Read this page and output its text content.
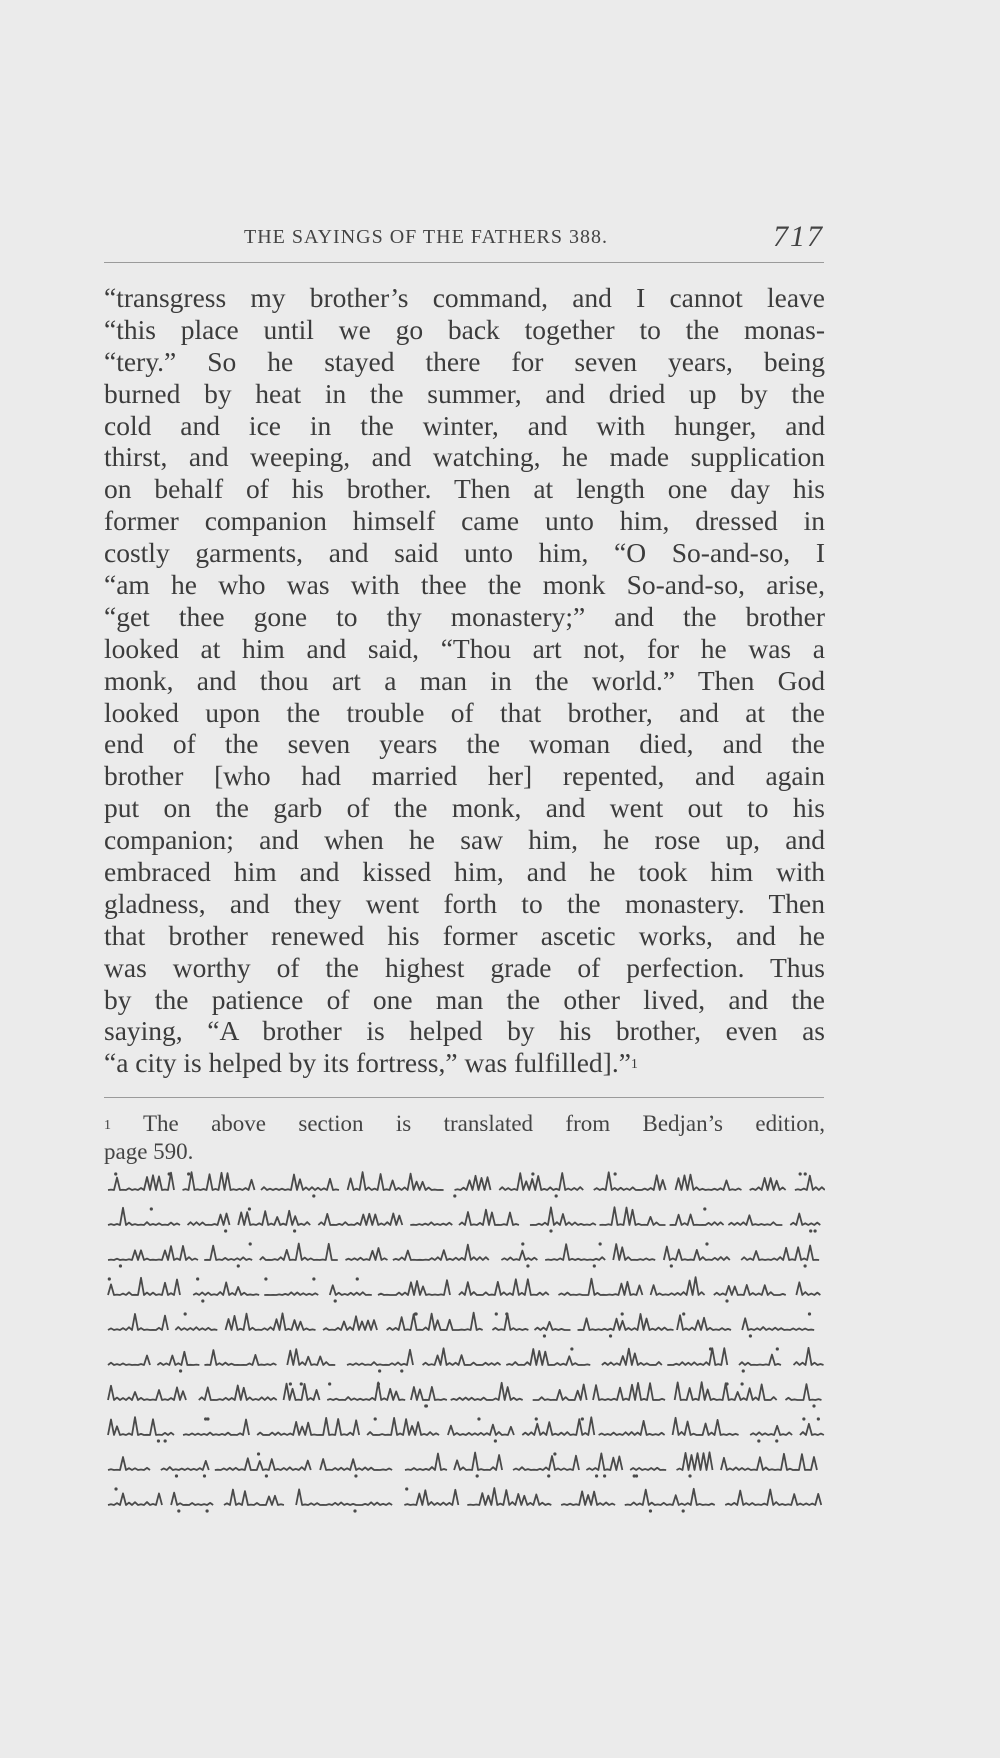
THE SAYINGS OF THE FATHERS 388.	717
“transgress my brother’s command, and I cannot leave
“this place until we go back together to the monas-
“tery.” So he stayed there for seven years, being
burned by heat in the summer, and dried up by the
cold and ice in the winter, and with hunger, and
thirst, and weeping, and watching, he made supplication
on behalf of his brother. Then at length one day his
former companion himself came unto him, dressed in
costly garments, and said unto him, “O So-and-so, I
“am he who was with thee the monk So-and-so, arise,
“get thee gone to thy monastery;” and the brother
looked at him and said, “Thou art not, for he was a
monk, and thou art a man in the world.” Then God
looked upon the trouble of that brother, and at the
end of the seven years the woman died, and the
brother [who had married her] repented, and again
put on the garb of the monk, and went out to his
companion; and when he saw him, he rose up, and
embraced him and kissed him, and he took him with
gladness, and they went forth to the monastery. Then
that brother renewed his former ascetic works, and he
was worthy of the highest grade of perfection. Thus
by the patience of one man the other lived, and the
saying, “A brother is helped by his brother, even as
“a city is helped by its fortress,” was fulfilled].”$^1$
$^1$ The above section is translated from Bedjan’s edition,
page 590.
